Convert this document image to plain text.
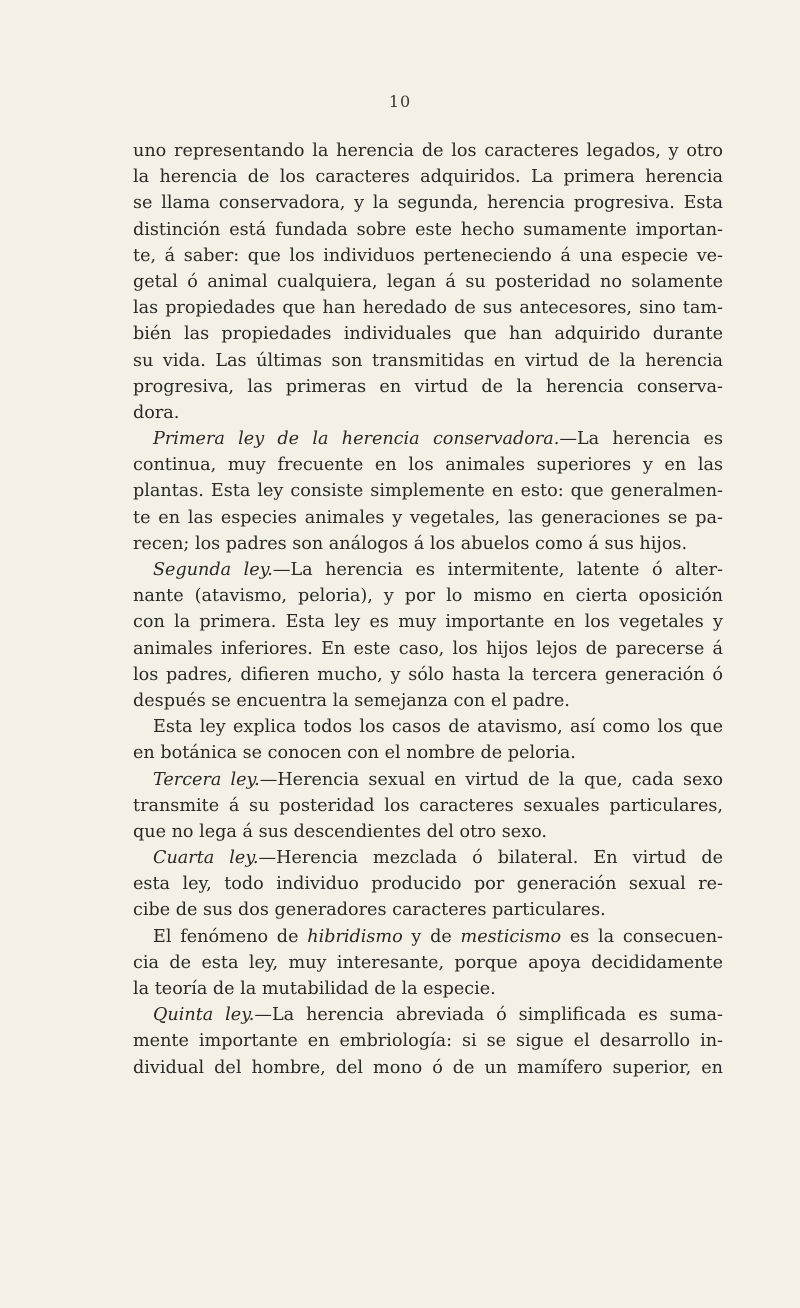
10
uno representando la herencia de los caracteres legados, y otro
la herencia de los caracteres adquiridos. La primera herencia
se llama conservadora, y la segunda, herencia progresiva. Esta
distinción está fundada sobre este hecho sumamente importan-
te, á saber: que los individuos perteneciendo á una especie ve-
getal ó animal cualquiera, legan á su posteridad no solamente
las propiedades que han heredado de sus antecesores, sino tam-
bién las propiedades individuales que han adquirido durante
su vida. Las últimas son transmitidas en virtud de la herencia
progresiva, las primeras en virtud de la herencia conserva-
dora.
Primera ley de la herencia conservadora.—La herencia es
continua, muy frecuente en los animales superiores y en las
plantas. Esta ley consiste simplemente en esto: que generalmen-
te en las especies animales y vegetales, las generaciones se pa-
recen; los padres son análogos á los abuelos como á sus hijos.
Segunda ley.—La herencia es intermitente, latente ó alter-
nante (atavismo, peloria), y por lo mismo en cierta oposición
con la primera. Esta ley es muy importante en los vegetales y
animales inferiores. En este caso, los hijos lejos de parecerse á
los padres, difieren mucho, y sólo hasta la tercera generación ó
después se encuentra la semejanza con el padre.
Esta ley explica todos los casos de atavismo, así como los que
en botánica se conocen con el nombre de peloria.
Tercera ley.—Herencia sexual en virtud de la que, cada sexo
transmite á su posteridad los caracteres sexuales particulares,
que no lega á sus descendientes del otro sexo.
Cuarta ley.—Herencia mezclada ó bilateral. En virtud de
esta ley, todo individuo producido por generación sexual re-
cibe de sus dos generadores caracteres particulares.
El fenómeno de hibridismo y de mesticismo es la consecuen-
cia de esta ley, muy interesante, porque apoya decididamente
la teoría de la mutabilidad de la especie.
Quinta ley.—La herencia abreviada ó simplificada es suma-
mente importante en embriología: si se sigue el desarrollo in-
dividual del hombre, del mono ó de un mamífero superior, en
